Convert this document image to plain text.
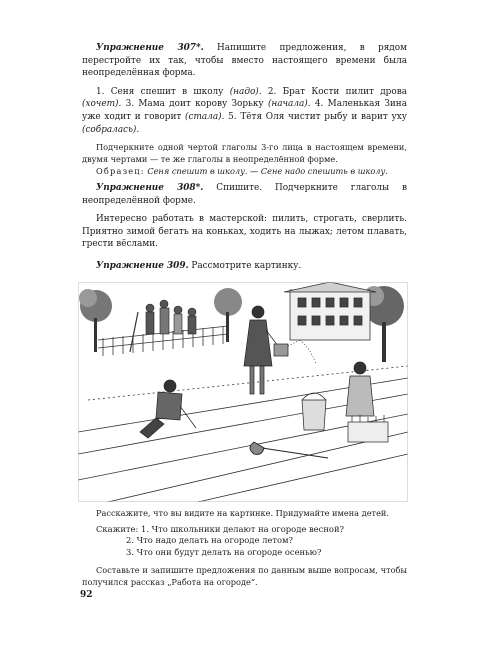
Упражнение 307*. Напишите предложения, в рядом перестройте их так, чтобы вместо настоящего времени была неопределённая форма.

1. Сеня спешит в школу (надо). 2. Брат Кости пилит дрова (хочет). 3. Мама доит корову Зорьку (начала). 4. Маленькая Зина уже ходит и говорит (стала). 5. Тётя Оля чистит рыбу и варит уху (собралась).

Подчеркните одной чертой глаголы 3-го лица в настоящем времени, двумя чертами — те же глаголы в неопределённой форме.

Образец: Сеня спешит в школу. — Сене надо спешить в школу.

Упражнение 308*. Спишите. Подчеркните глаголы в неопределённой форме.

Интересно работать в мастерской: пилить, строгать, сверлить. Приятно зимой бегать на коньках, ходить на лыжах; летом плавать, грести вёслами.

Упражнение 309. Рассмотрите картинку.

Расскажите, что вы видите на картинке. Придумайте имена детей.

Скажите: 1. Что школьники делают на огороде весной?

2. Что надо делать на огороде летом?

3. Что они будут делать на огороде осенью?

Составьте и запишите предложения по данным выше вопросам, чтобы получился рассказ „Работа на огороде“.

92
